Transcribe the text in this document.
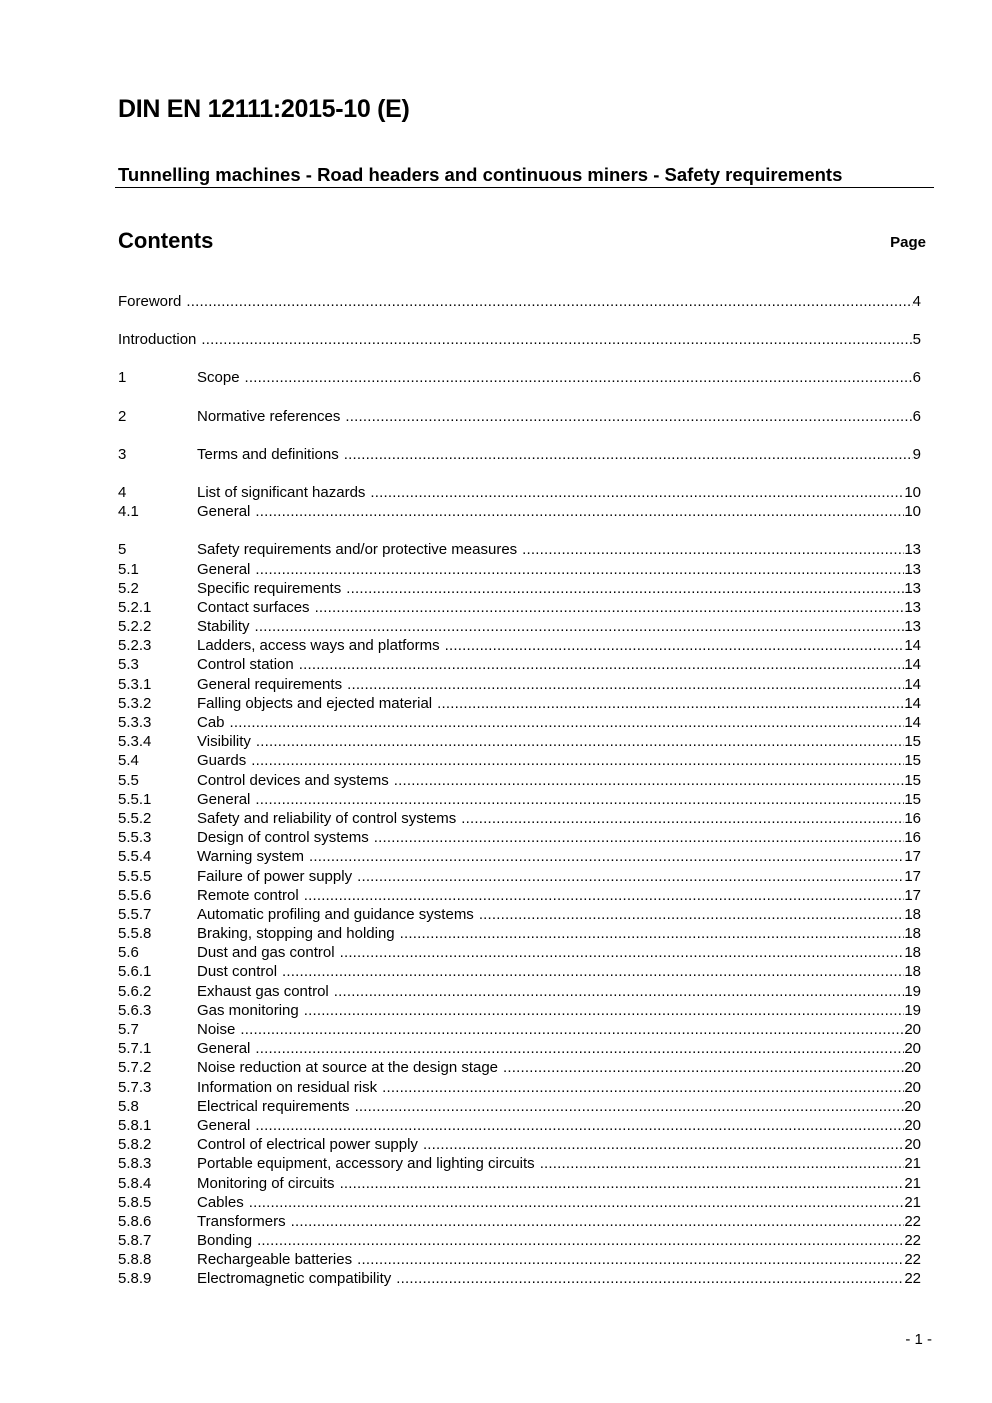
DIN EN 12111:2015-10 (E)
Tunnelling machines - Road headers and continuous miners - Safety requirements
Contents	Page
Foreword .....	4
Introduction .....	5
1	Scope .....	6
2	Normative references .....	6
3	Terms and definitions .....	9
4	List of significant hazards .....	10
4.1	General .....	10
5	Safety requirements and/or protective measures .....	13
5.1	General .....	13
5.2	Specific requirements .....	13
5.2.1	Contact surfaces .....	13
5.2.2	Stability .....	13
5.2.3	Ladders, access ways and platforms .....	14
5.3	Control station .....	14
5.3.1	General requirements .....	14
5.3.2	Falling objects and ejected material .....	14
5.3.3	Cab .....	14
5.3.4	Visibility .....	15
5.4	Guards .....	15
5.5	Control devices and systems .....	15
5.5.1	General .....	15
5.5.2	Safety and reliability of control systems .....	16
5.5.3	Design of control systems .....	16
5.5.4	Warning system .....	17
5.5.5	Failure of power supply .....	17
5.5.6	Remote control .....	17
5.5.7	Automatic profiling and guidance systems .....	18
5.5.8	Braking, stopping and holding .....	18
5.6	Dust and gas control .....	18
5.6.1	Dust control .....	18
5.6.2	Exhaust gas control .....	19
5.6.3	Gas monitoring .....	19
5.7	Noise .....	20
5.7.1	General .....	20
5.7.2	Noise reduction at source at the design stage .....	20
5.7.3	Information on residual risk .....	20
5.8	Electrical requirements .....	20
5.8.1	General .....	20
5.8.2	Control of electrical power supply .....	20
5.8.3	Portable equipment, accessory and lighting circuits .....	21
5.8.4	Monitoring of circuits .....	21
5.8.5	Cables .....	21
5.8.6	Transformers .....	22
5.8.7	Bonding .....	22
5.8.8	Rechargeable batteries .....	22
5.8.9	Electromagnetic compatibility .....	22
- 1 -
